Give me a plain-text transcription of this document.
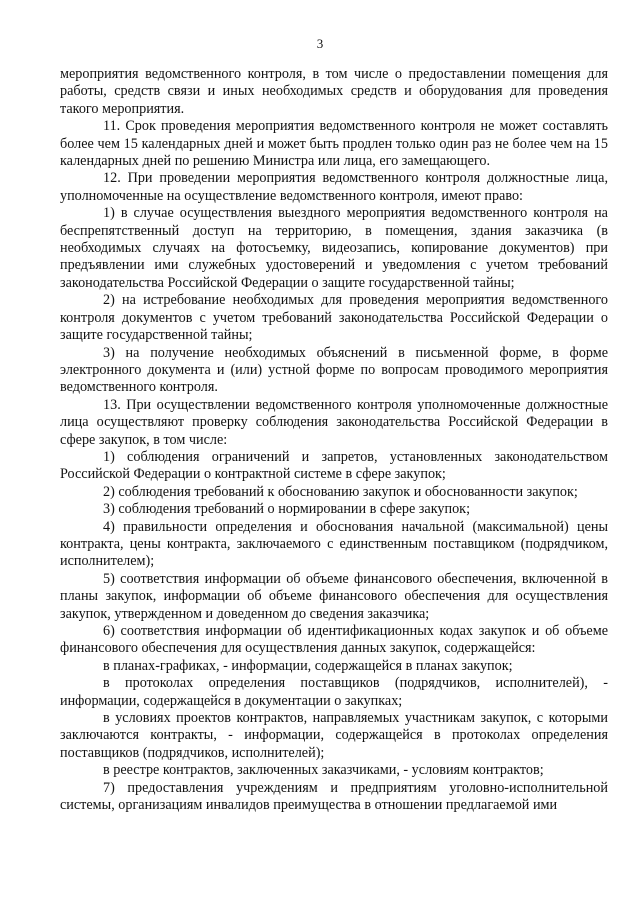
3

мероприятия ведомственного контроля, в том числе о предоставлении помещения для работы, средств связи и иных необходимых средств и оборудования для проведения такого мероприятия.

11. Срок проведения мероприятия ведомственного контроля не может составлять более чем 15 календарных дней и может быть продлен только один раз не более чем на 15 календарных дней по решению Министра или лица, его замещающего.

12. При проведении мероприятия ведомственного контроля должностные лица, уполномоченные на осуществление ведомственного контроля, имеют право:

1) в случае осуществления выездного мероприятия ведомственного контроля на беспрепятственный доступ на территорию, в помещения, здания заказчика (в необходимых случаях на фотосъемку, видеозапись, копирование документов) при предъявлении ими служебных удостоверений и уведомления с учетом требований законодательства Российской Федерации о защите государственной тайны;

2) на истребование необходимых для проведения мероприятия ведомственного контроля документов с учетом требований законодательства Российской Федерации о защите государственной тайны;

3) на получение необходимых объяснений в письменной форме, в форме электронного документа и (или) устной форме по вопросам проводимого мероприятия ведомственного контроля.

13. При осуществлении ведомственного контроля уполномоченные должностные лица осуществляют проверку соблюдения законодательства Российской Федерации в сфере закупок, в том числе:

1) соблюдения ограничений и запретов, установленных законодательством Российской Федерации о контрактной системе в сфере закупок;

2) соблюдения требований к обоснованию закупок и обоснованности закупок;

3) соблюдения требований о нормировании в сфере закупок;

4) правильности определения и обоснования начальной (максимальной) цены контракта, цены контракта, заключаемого с единственным поставщиком (подрядчиком, исполнителем);

5) соответствия информации об объеме финансового обеспечения, включенной в планы закупок, информации об объеме финансового обеспечения для осуществления закупок, утвержденном и доведенном до сведения заказчика;

6) соответствия информации об идентификационных кодах закупок и об объеме финансового обеспечения для осуществления данных закупок, содержащейся:

в планах-графиках, - информации, содержащейся в планах закупок;

в протоколах определения поставщиков (подрядчиков, исполнителей), - информации, содержащейся в документации о закупках;

в условиях проектов контрактов, направляемых участникам закупок, с которыми заключаются контракты, - информации, содержащейся в протоколах определения поставщиков (подрядчиков, исполнителей);

в реестре контрактов, заключенных заказчиками, - условиям контрактов;

7) предоставления учреждениям и предприятиям уголовно-исполнительной системы, организациям инвалидов преимущества в отношении предлагаемой ими
